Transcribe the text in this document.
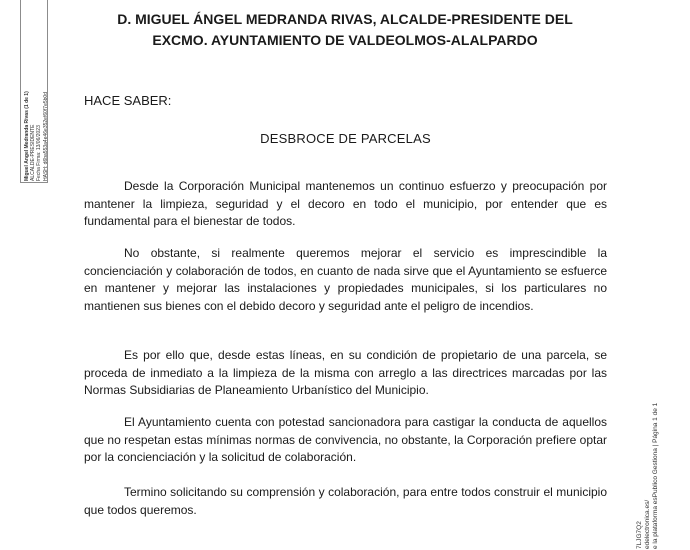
Miguel Ángel Medranda Rivas (1 de 1) ALCALDE-PRESIDENTE Fecha Firma: 13/06/2023 HASH: d6ba553a4e46e352ef60f7e5b0d
7LJG7Q2 edelectronica.es/ e la plataforma esPublico Gestiona | Página 1 de 1
D. MIGUEL ÁNGEL MEDRANDA RIVAS, ALCALDE-PRESIDENTE DEL
EXCMO. AYUNTAMIENTO DE VALDEOLMOS-ALALPARDO
HACE SABER:
DESBROCE DE PARCELAS

Desde la Corporación Municipal mantenemos un continuo esfuerzo y preocupación por mantener la limpieza, seguridad y el decoro en todo el municipio, por entender que es fundamental para el bienestar de todos.

No obstante, si realmente queremos mejorar el servicio es imprescindible la concienciación y colaboración de todos, en cuanto de nada sirve que el Ayuntamiento se esfuerce en mantener y mejorar las instalaciones y propiedades municipales, si los particulares no mantienen sus bienes con el debido decoro y seguridad ante el peligro de incendios.

Es por ello que, desde estas líneas, en su condición de propietario de una parcela, se proceda de inmediato a la limpieza de la misma con arreglo a las directrices marcadas por las Normas Subsidiarias de Planeamiento Urbanístico del Municipio.

El Ayuntamiento cuenta con potestad sancionadora para castigar la conducta de aquellos que no respetan estas mínimas normas de convivencia, no obstante, la Corporación prefiere optar por la concienciación y la solicitud de colaboración.

Termino solicitando su comprensión y colaboración, para entre todos construir el municipio que todos queremos.
